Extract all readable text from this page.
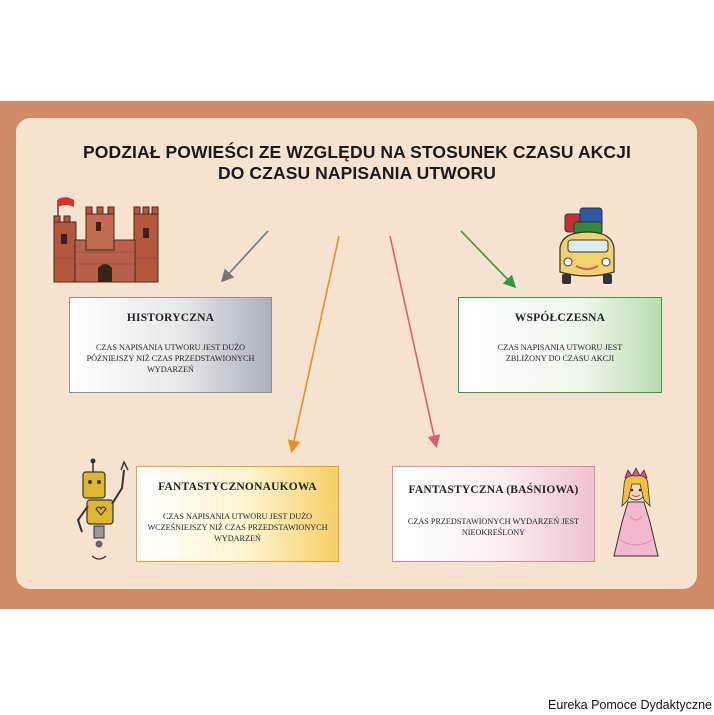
PODZIAŁ POWIEŚCI ZE WZGLĘDU NA STOSUNEK CZASU AKCJI
DO CZASU NAPISANIA UTWORU
HISTORYCZNA
CZAS NAPISANIA UTWORU JEST DUŻO PÓŹNIEJSZY NIŻ CZAS PRZEDSTAWIONYCH WYDARZEŃ
WSPÓŁCZESNA
CZAS NAPISANIA UTWORU JEST ZBLIŻONY DO CZASU AKCJI
FANTASTYCZNONAUKOWA
CZAS NAPISANIA UTWORU JEST DUŻO WCZEŚNIEJSZY NIŻ CZAS PRZEDSTAWIONYCH WYDARZEŃ
FANTASTYCZNA (BAŚNIOWA)
CZAS PRZEDSTAWIONYCH WYDARZEŃ JEST NIEOKREŚLONY
Eureka Pomoce Dydaktyczne
